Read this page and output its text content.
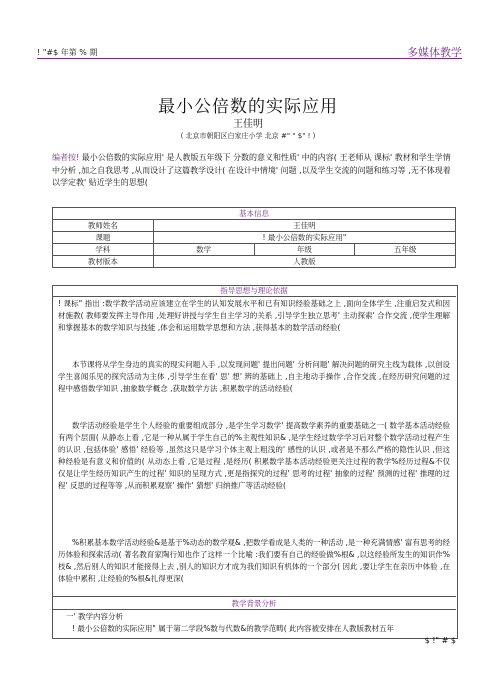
! "#$ 年第 % 期	多媒体教学
最小公倍数的实际应用
王佳明
( 北京市朝阳区白家庄小学 北京 #" " $" ! )
编者按! 最小公倍数的实际应用' 是人教版五年级下 分数的意义和性质' 中的内容( 王老师从 课标' 教材和学生学情中分析 ,加之自我思考 ,从而设计了这篇教学设计( 在设计中情境' 问题 ,以及学生交流的问题和练习等 ,无不体现着以学定教' 贴近学生的思想(
基本信息			
教师姓名	王佳明		
课题	! 最小公倍数的实际应用"		
学科	数学	年级	五年级
教材版本	人教版		
指导思想与理论依据
! 课标" 指出 :数学教学活动应该建立在学生的认知发展水平和已有知识经验基础之上 ,面向全体学生 ,注重启发式和因材施教( 教师要发挥主导作用 ,处理好讲授与学生自主学习的关系 ,引导学生独立思考' 主动探索' 合作交流 ,使学生理解和掌握基本的数学知识与技能 ,体会和运用数学思想和方法 ,获得基本的数学活动经验(
本节课将从学生身边的真实的现实问题入手 ,以发现问题' 提出问题' 分析问题' 解决问题的研究主线为载体 ,以创设学生喜闻乐见的探究活动为主体 ,引导学生在看' 思' 想' 辨的基础上 ,自主地动手操作 ,合作交流 ,在经历研究问题的过程中感悟数学知识 ,抽象数学概念 ,获取数学方法 ,积累数学的活动经验(
数学活动经验是学生个人经验的重要组成部分 ,是学生学习数学' 提高数学素养的重要基础之一( 数学基本活动经验有两个层面( 从静态上看 ,它是一种从属于学生自己的%主观性知识& ,是学生经过数学学习后对整个数学活动过程产生的认识 ,包括体验' 感悟' 经验等 ,虽然这只是学习个体主观上粗浅的' 感性的认识 ,或者是不那么严格的隐性认识 ,但这种经验是有意义和价值的( 从动态上看 ,它是过程 ,是经历( 积累数学基本活动经验更关注过程的教学%经历过程&不仅仅是让学生经历知识产生的过程' 知识的呈现方式 ,更是指探究的过程' 思考的过程' 抽象的过程' 预测的过程' 推理的过程' 反思的过程等等 ,从而积累观察' 操作' 猜想' 归纳推广等活动经验(
%积累基本数学活动经验&是基于%动态的数学观& ,把数学看成是人类的一种活动 ,是一种充满情感' 富有思考的经历体验和探索活动( 著名教育家陶行知也作了这样一个比喻 :我们要有自己的经验做%根& ,以这经验所发生的知识作%枝& ,然后别人的知识才能接得上去 ,别人的知识方才成为我们知识有机体的一个部分( 因此 ,要让学生在亲历中体验 ,在体验中累积 ,让经验的%根&扎得更深(
教学背景分析
一' 教学内容分析
! 最小公倍数的实际应用" 属于第二学段%数与代数&的教学范畴( 此内容被安排在人教版教材五年
$ !" # $
